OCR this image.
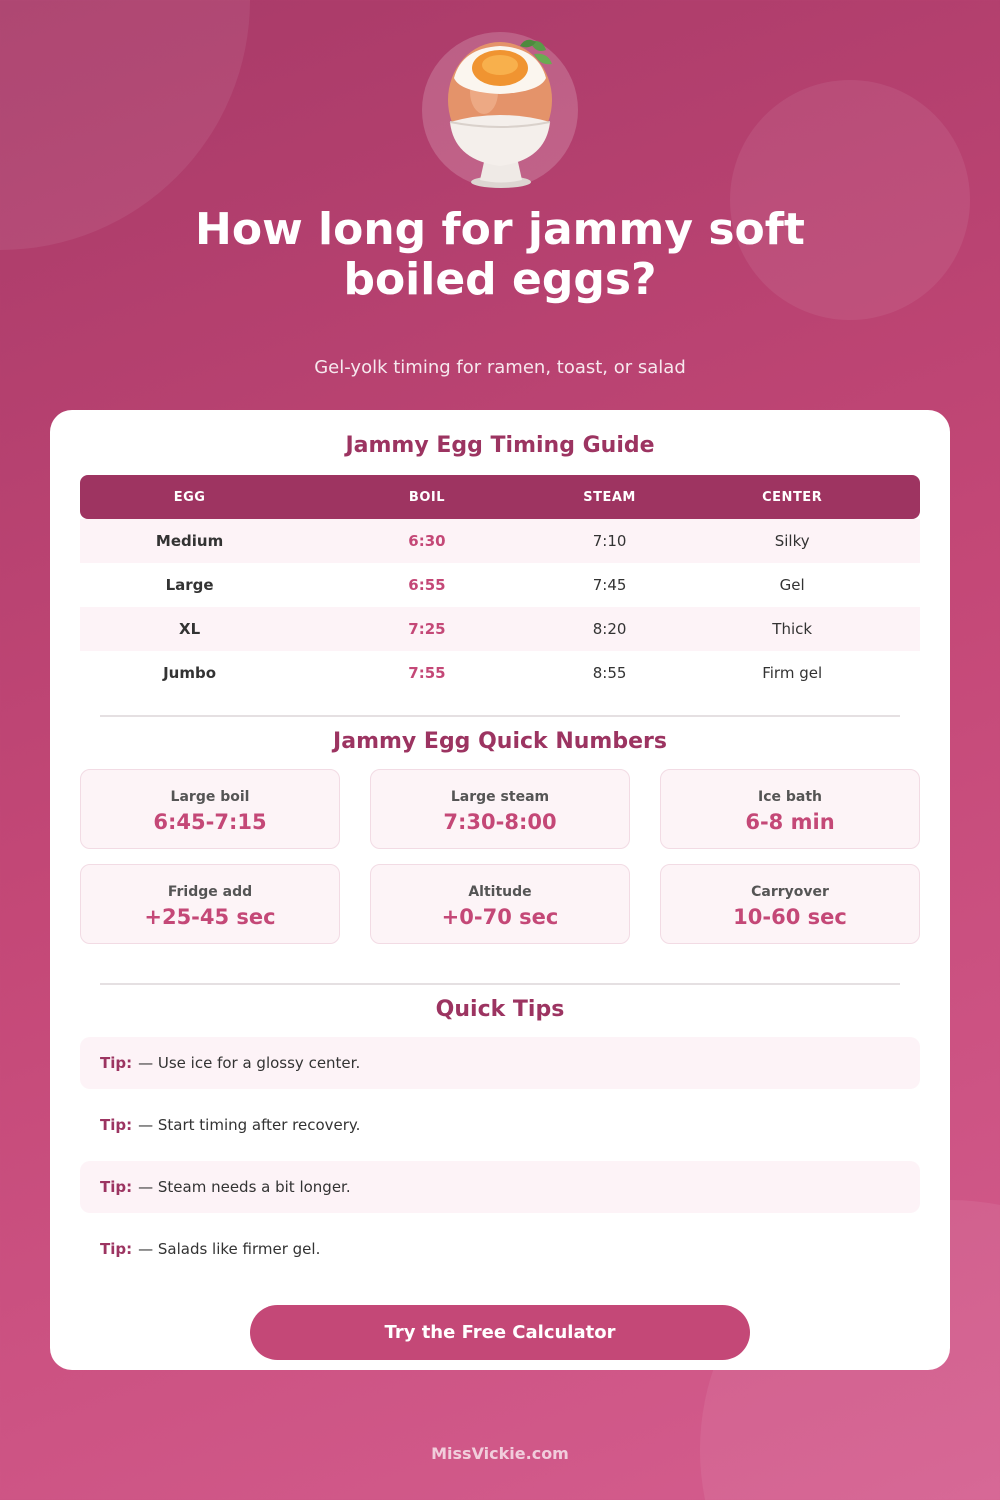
How long for jammy soft
boiled eggs?
Gel-yolk timing for ramen, toast, or salad
Jammy Egg Timing Guide
EGG	BOIL	STEAM	CENTER
Medium	6:30	7:10	Silky
Large	6:55	7:45	Gel
XL	7:25	8:20	Thick
Jumbo	7:55	8:55	Firm gel
Jammy Egg Quick Numbers
Large boil
6:45-7:15
Large steam
7:30-8:00
Ice bath
6-8 min
Fridge add
+25-45 sec
Altitude
+0-70 sec
Carryover
10-60 sec
Quick Tips
Tip: — Use ice for a glossy center.
Tip: — Start timing after recovery.
Tip: — Steam needs a bit longer.
Tip: — Salads like firmer gel.
Try the Free Calculator
MissVickie.com
